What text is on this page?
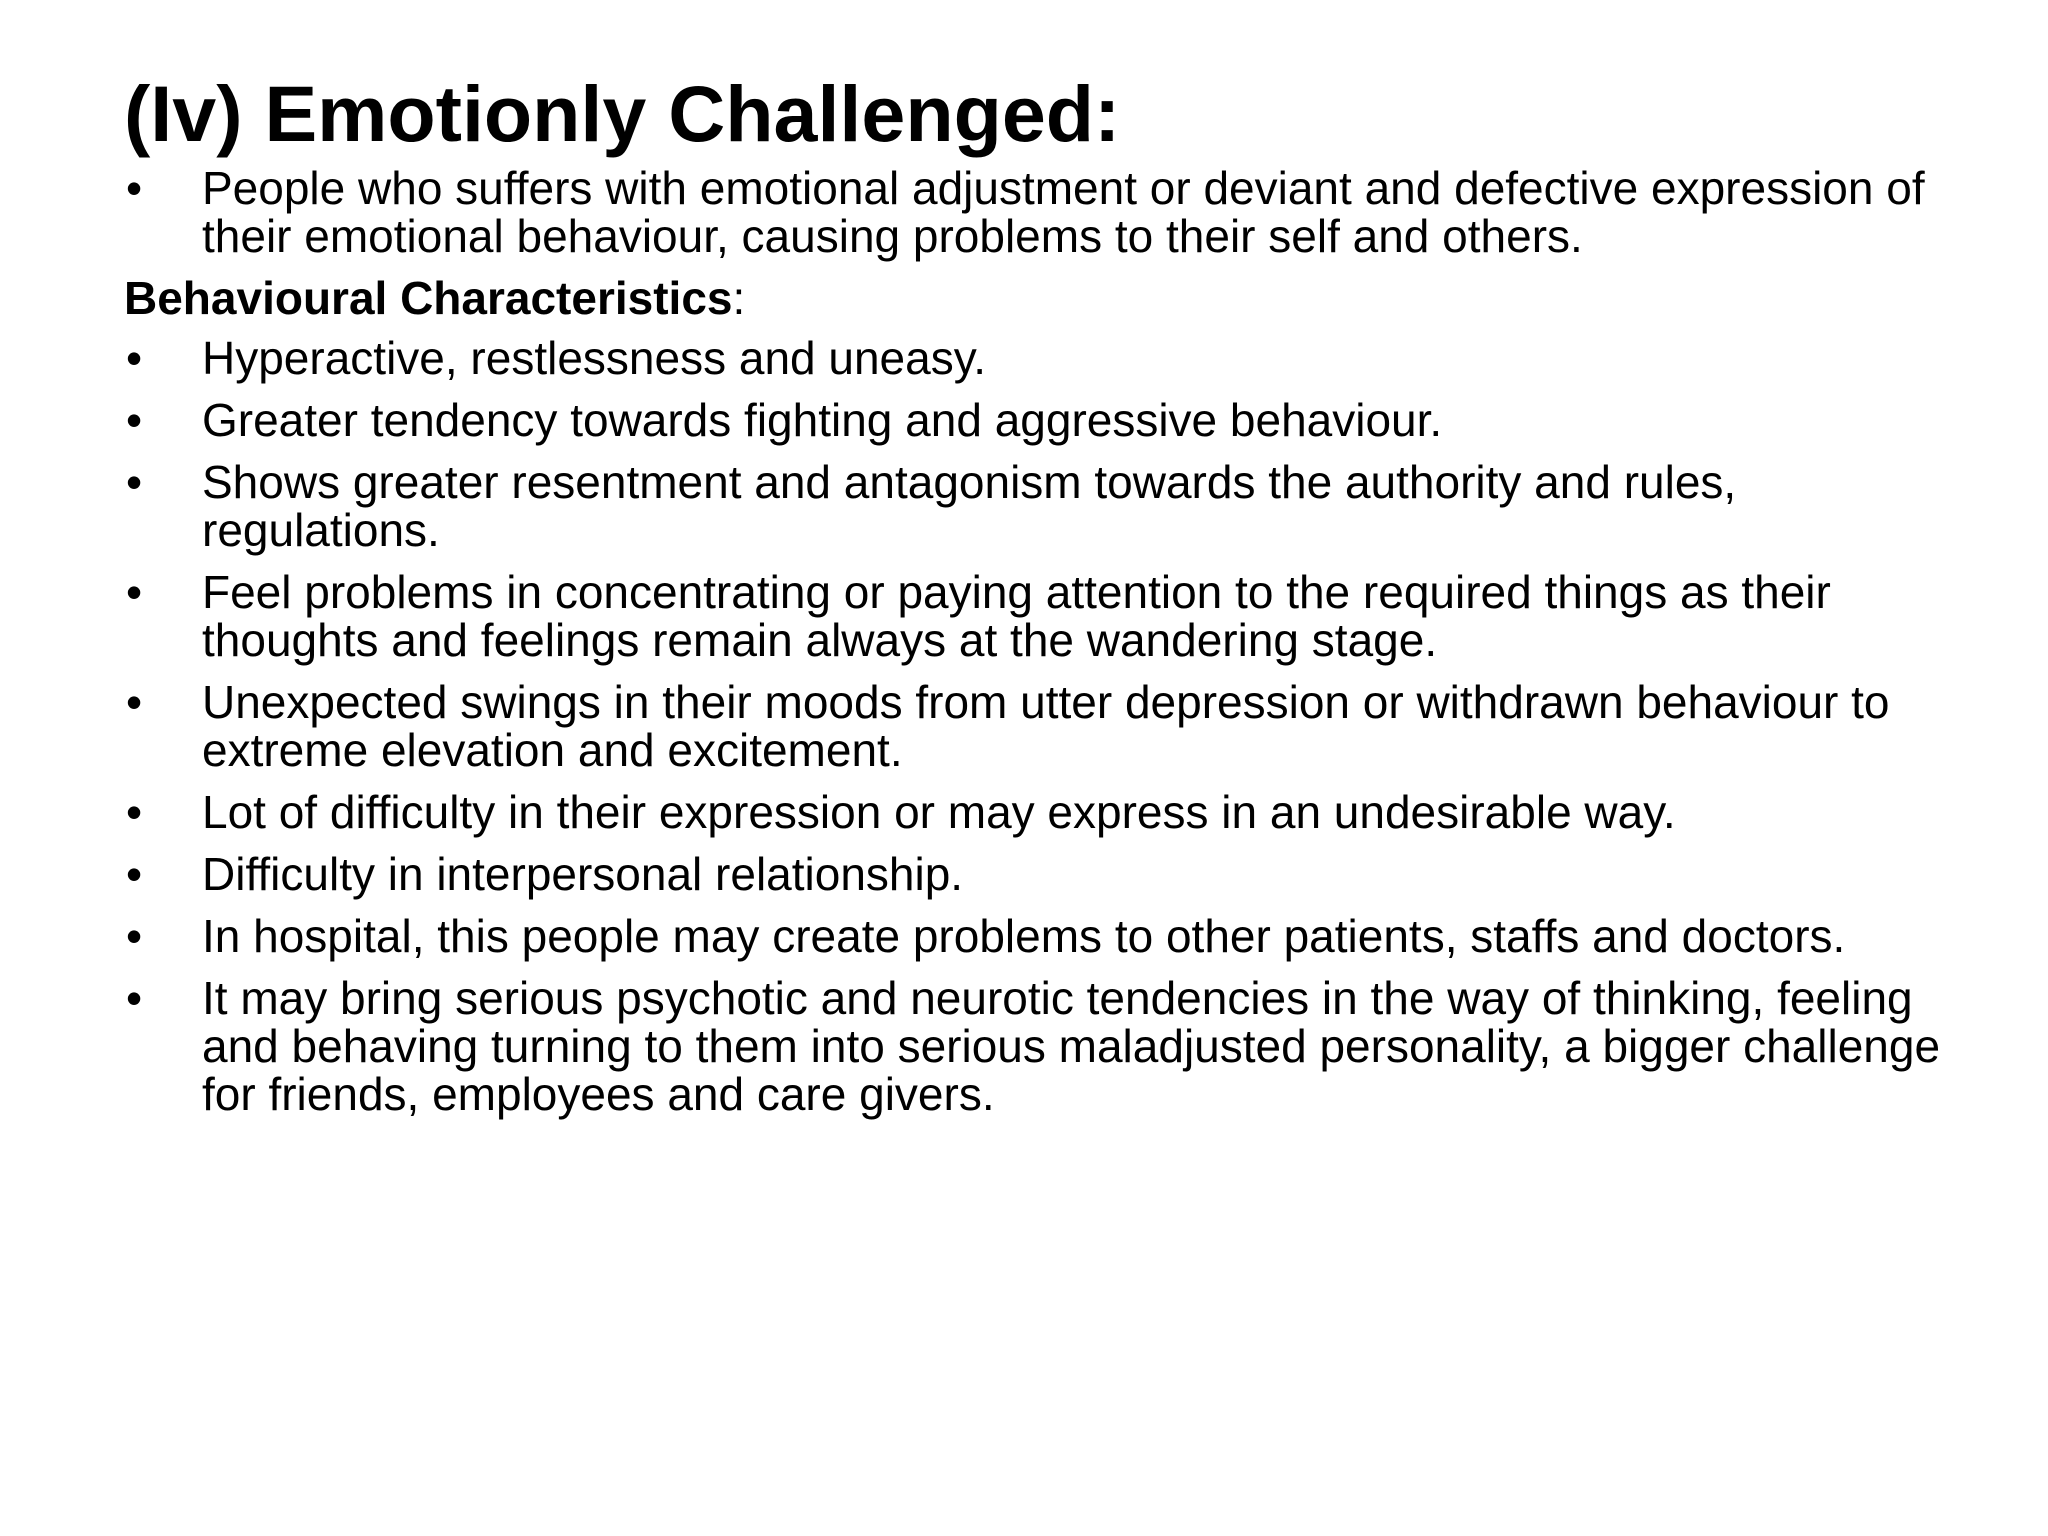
(Iv) Emotionly Challenged:
• People who suffers with emotional adjustment or deviant and defective expression of their emotional behaviour, causing problems to their self and others.
Behavioural Characteristics:
• Hyperactive, restlessness and uneasy.
• Greater tendency towards fighting and aggressive behaviour.
• Shows greater resentment and antagonism towards the authority and rules, regulations.
• Feel problems in concentrating or paying attention to the required things as their thoughts and feelings remain always at the wandering stage.
• Unexpected swings in their moods from utter depression or withdrawn behaviour to extreme elevation and excitement.
• Lot of difficulty in their expression or may express in an undesirable way.
• Difficulty in interpersonal relationship.
• In hospital, this people may create problems to other patients, staffs and doctors.
• It may bring serious psychotic and neurotic tendencies in the way of thinking, feeling and behaving turning to them into serious maladjusted personality, a bigger challenge for friends, employees and care givers.
